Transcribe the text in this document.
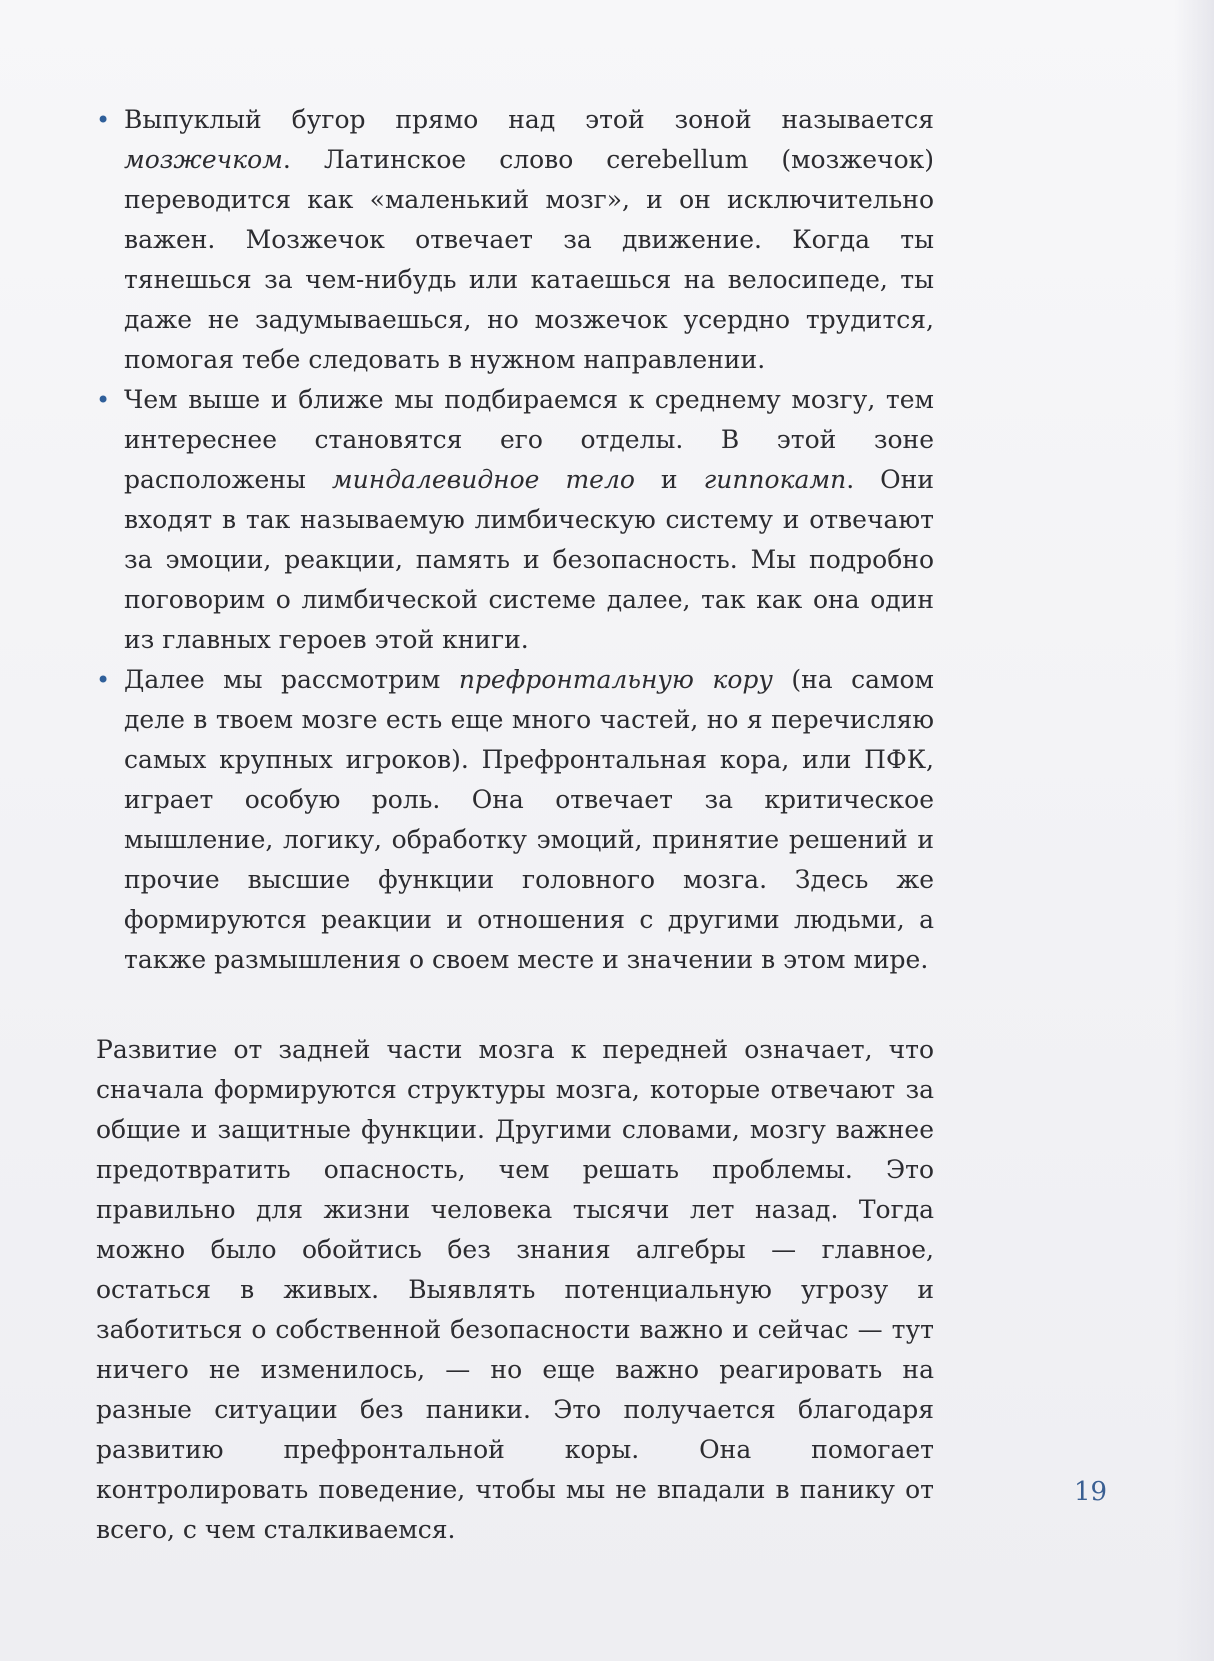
• Выпуклый бугор прямо над этой зоной называется мозжечком. Латинское слово cerebellum (мозжечок) переводится как «маленький мозг», и он исключительно важен. Мозжечок отвечает за движение. Когда ты тянешься за чем-нибудь или катаешься на велосипеде, ты даже не задумываешься, но мозжечок усердно трудится, помогая тебе следовать в нужном направлении.
• Чем выше и ближе мы подбираемся к среднему мозгу, тем интереснее становятся его отделы. В этой зоне расположены миндалевидное тело и гиппокамп. Они входят в так называемую лимбическую систему и отвечают за эмоции, реакции, память и безопасность. Мы подробно поговорим о лимбической системе далее, так как она один из главных героев этой книги.
• Далее мы рассмотрим префронтальную кору (на самом деле в твоем мозге есть еще много частей, но я перечисляю самых крупных игроков). Префронтальная кора, или ПФК, играет особую роль. Она отвечает за критическое мышление, логику, обработку эмоций, принятие решений и прочие высшие функции головного мозга. Здесь же формируются реакции и отношения с другими людьми, а также размышления о своем месте и значении в этом мире.

Развитие от задней части мозга к передней означает, что сначала формируются структуры мозга, которые отвечают за общие и защитные функции. Другими словами, мозгу важнее предотвратить опасность, чем решать проблемы. Это правильно для жизни человека тысячи лет назад. Тогда можно было обойтись без знания алгебры — главное, остаться в живых. Выявлять потенциальную угрозу и заботиться о собственной безопасности важно и сейчас — тут ничего не изменилось, — но еще важно реагировать на разные ситуации без паники. Это получается благодаря развитию префронтальной коры. Она помогает контролировать поведение, чтобы мы не впадали в панику от всего, с чем сталкиваемся.

19
